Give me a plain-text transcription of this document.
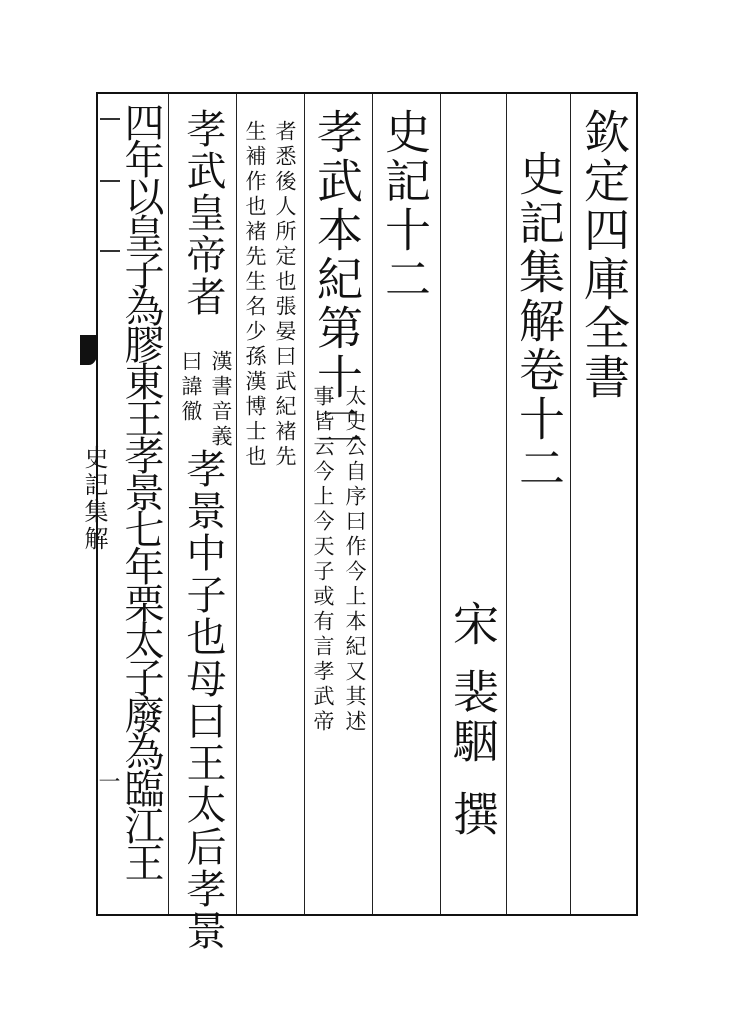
史記集解
一
欽定四庫全書
史記集解卷十二
宋
裴駰
撰
史記十二
孝武本紀第十二
太史公自序曰作今上本紀又其述
事皆云今上今天子或有言孝武帝
者悉後人所定也張晏曰武紀褚先
生補作也褚先生名少孫漢博士也
孝武皇帝者
漢書音義
曰諱徹
孝景中子也母曰王太后孝景
四年以皇子為膠東王孝景七年栗太子廢為臨江王
